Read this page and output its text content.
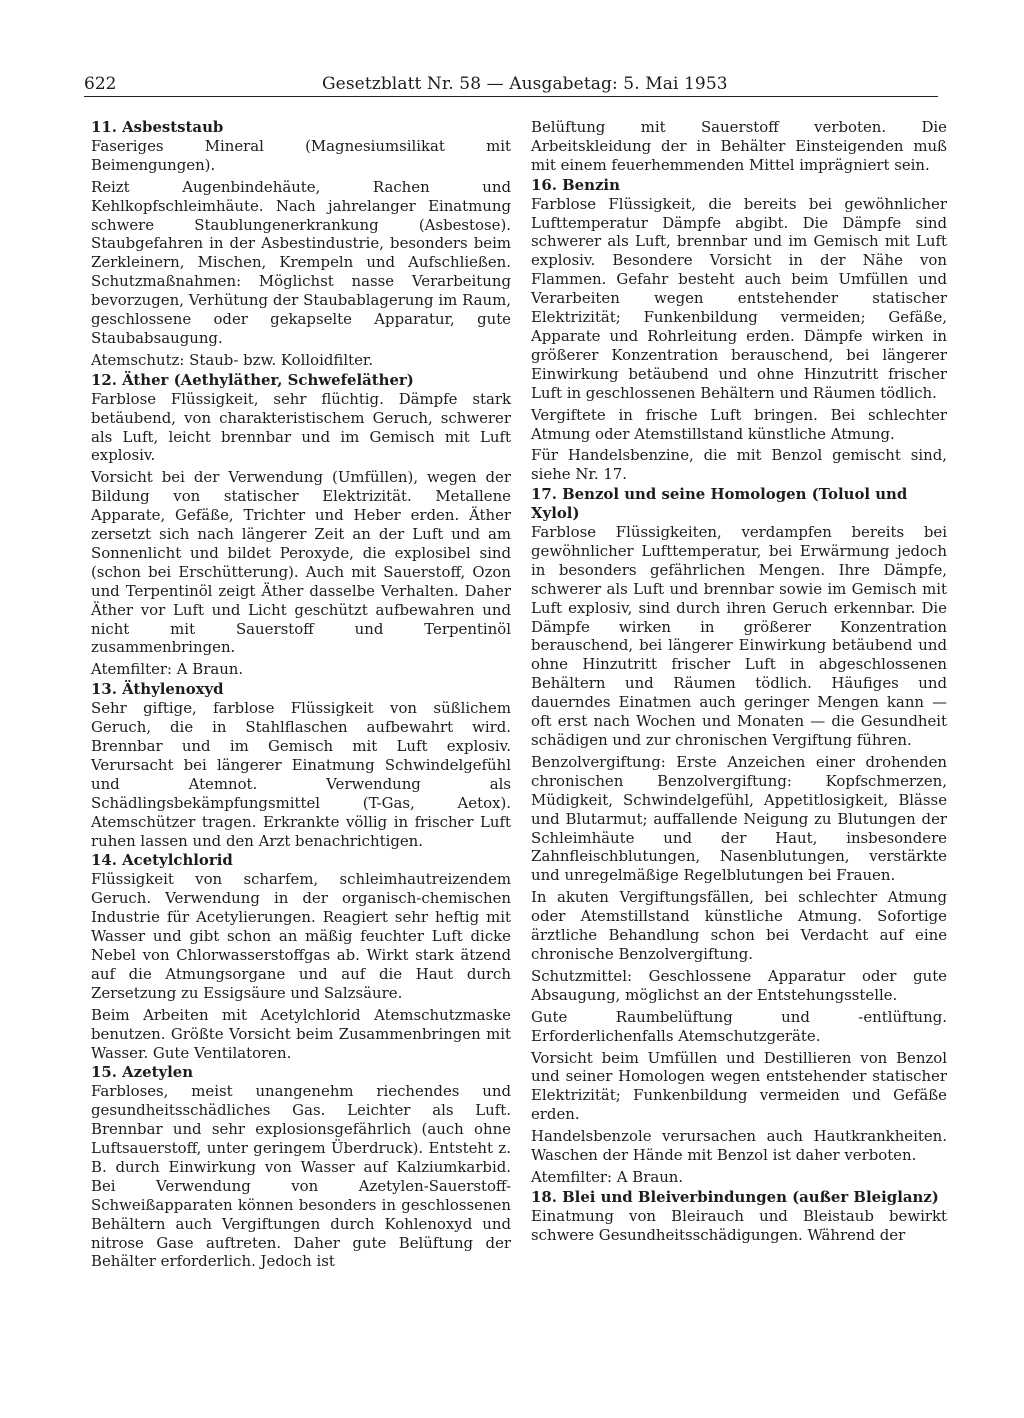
622	Gesetzblatt Nr. 58 — Ausgabetag: 5. Mai 1953
11. Asbeststaub

Faseriges Mineral (Magnesiumsilikat mit Beimengungen).

Reizt Augenbindehäute, Rachen und Kehlkopfschleimhäute. Nach jahrelanger Einatmung schwere Staublungenerkrankung (Asbestose). Staubgefahren in der Asbestindustrie, besonders beim Zerkleinern, Mischen, Krempeln und Aufschließen. Schutzmaßnahmen: Möglichst nasse Verarbeitung bevorzugen, Verhütung der Staubablagerung im Raum, geschlossene oder gekapselte Apparatur, gute Staubabsaugung.

Atemschutz: Staub- bzw. Kolloidfilter.

12. Äther (Aethyläther, Schwefeläther)

Farblose Flüssigkeit, sehr flüchtig. Dämpfe stark betäubend, von charakteristischem Geruch, schwerer als Luft, leicht brennbar und im Gemisch mit Luft explosiv.

Vorsicht bei der Verwendung (Umfüllen), wegen der Bildung von statischer Elektrizität. Metallene Apparate, Gefäße, Trichter und Heber erden. Äther zersetzt sich nach längerer Zeit an der Luft und am Sonnenlicht und bildet Peroxyde, die explosibel sind (schon bei Erschütterung). Auch mit Sauerstoff, Ozon und Terpentinöl zeigt Äther dasselbe Verhalten. Daher Äther vor Luft und Licht geschützt aufbewahren und nicht mit Sauerstoff und Terpentinöl zusammenbringen.

Atemfilter: A Braun.

13. Äthylenoxyd

Sehr giftige, farblose Flüssigkeit von süßlichem Geruch, die in Stahlflaschen aufbewahrt wird. Brennbar und im Gemisch mit Luft explosiv. Verursacht bei längerer Einatmung Schwindelgefühl und Atemnot. Verwendung als Schädlingsbekämpfungsmittel (T-Gas, Aetox). Atemschützer tragen. Erkrankte völlig in frischer Luft ruhen lassen und den Arzt benachrichtigen.

14. Acetylchlorid

Flüssigkeit von scharfem, schleimhautreizendem Geruch. Verwendung in der organisch-chemischen Industrie für Acetylierungen. Reagiert sehr heftig mit Wasser und gibt schon an mäßig feuchter Luft dicke Nebel von Chlorwasserstoffgas ab. Wirkt stark ätzend auf die Atmungsorgane und auf die Haut durch Zersetzung zu Essigsäure und Salzsäure.

Beim Arbeiten mit Acetylchlorid Atemschutzmaske benutzen. Größte Vorsicht beim Zusammenbringen mit Wasser. Gute Ventilatoren.

15. Azetylen

Farbloses, meist unangenehm riechendes und gesundheitsschädliches Gas. Leichter als Luft. Brennbar und sehr explosionsgefährlich (auch ohne Luftsauerstoff, unter geringem Überdruck). Entsteht z. B. durch Einwirkung von Wasser auf Kalziumkarbid. Bei Verwendung von Azetylen-Sauerstoff-Schweißapparaten können besonders in geschlossenen Behältern auch Vergiftungen durch Kohlenoxyd und nitrose Gase auftreten. Daher gute Belüftung der Behälter erforderlich. Jedoch ist

Belüftung mit Sauerstoff verboten. Die Arbeitskleidung der in Behälter Einsteigenden muß mit einem feuerhemmenden Mittel imprägniert sein.

16. Benzin

Farblose Flüssigkeit, die bereits bei gewöhnlicher Lufttemperatur Dämpfe abgibt. Die Dämpfe sind schwerer als Luft, brennbar und im Gemisch mit Luft explosiv. Besondere Vorsicht in der Nähe von Flammen. Gefahr besteht auch beim Umfüllen und Verarbeiten wegen entstehender statischer Elektrizität; Funkenbildung vermeiden; Gefäße, Apparate und Rohrleitung erden. Dämpfe wirken in größerer Konzentration berauschend, bei längerer Einwirkung betäubend und ohne Hinzutritt frischer Luft in geschlossenen Behältern und Räumen tödlich.

Vergiftete in frische Luft bringen. Bei schlechter Atmung oder Atemstillstand künstliche Atmung.

Für Handelsbenzine, die mit Benzol gemischt sind, siehe Nr. 17.

17. Benzol und seine Homologen (Toluol und Xylol)

Farblose Flüssigkeiten, verdampfen bereits bei gewöhnlicher Lufttemperatur, bei Erwärmung jedoch in besonders gefährlichen Mengen. Ihre Dämpfe, schwerer als Luft und brennbar sowie im Gemisch mit Luft explosiv, sind durch ihren Geruch erkennbar. Die Dämpfe wirken in größerer Konzentration berauschend, bei längerer Einwirkung betäubend und ohne Hinzutritt frischer Luft in abgeschlossenen Behältern und Räumen tödlich. Häufiges und dauerndes Einatmen auch geringer Mengen kann — oft erst nach Wochen und Monaten — die Gesundheit schädigen und zur chronischen Vergiftung führen.

Benzolvergiftung: Erste Anzeichen einer drohenden chronischen Benzolvergiftung: Kopfschmerzen, Müdigkeit, Schwindelgefühl, Appetitlosigkeit, Blässe und Blutarmut; auffallende Neigung zu Blutungen der Schleimhäute und der Haut, insbesondere Zahnfleischblutungen, Nasenblutungen, verstärkte und unregelmäßige Regelblutungen bei Frauen.

In akuten Vergiftungsfällen, bei schlechter Atmung oder Atemstillstand künstliche Atmung. Sofortige ärztliche Behandlung schon bei Verdacht auf eine chronische Benzolvergiftung.

Schutzmittel: Geschlossene Apparatur oder gute Absaugung, möglichst an der Entstehungsstelle.

Gute Raumbelüftung und -entlüftung. Erforderlichenfalls Atemschutzgeräte.

Vorsicht beim Umfüllen und Destillieren von Benzol und seiner Homologen wegen entstehender statischer Elektrizität; Funkenbildung vermeiden und Gefäße erden.

Handelsbenzole verursachen auch Hautkrankheiten. Waschen der Hände mit Benzol ist daher verboten.

Atemfilter: A Braun.

18. Blei und Bleiverbindungen (außer Bleiglanz)

Einatmung von Bleirauch und Bleistaub bewirkt schwere Gesundheitsschädigungen. Während der
